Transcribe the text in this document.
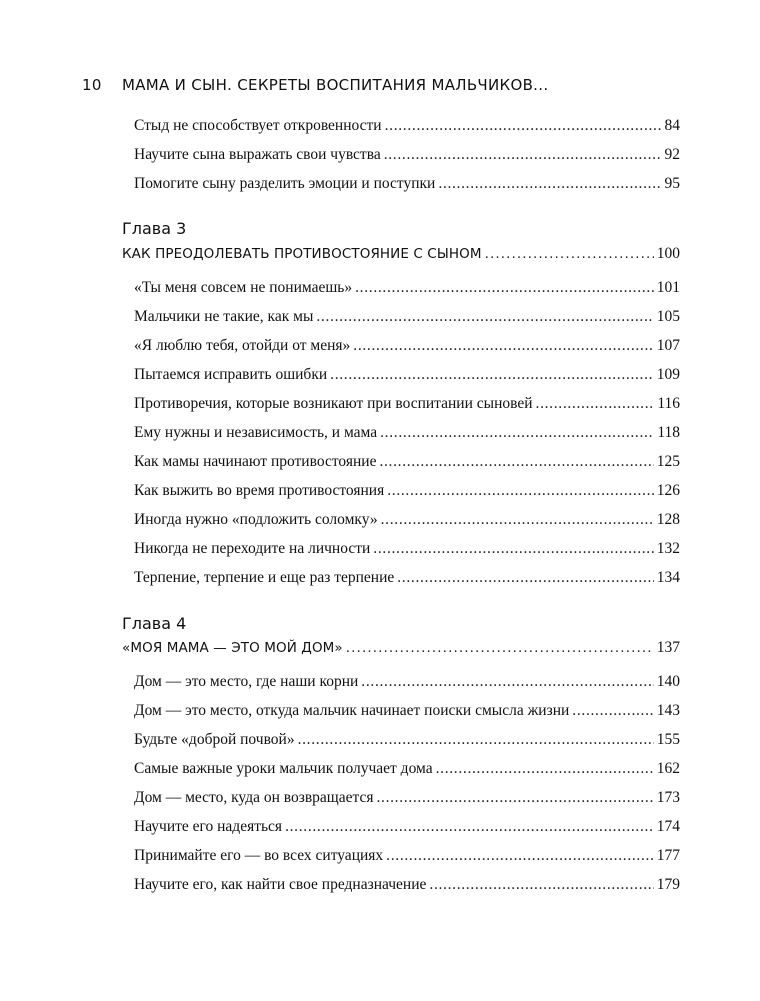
10 МАМА И СЫН. СЕКРЕТЫ ВОСПИТАНИЯ МАЛЬЧИКОВ...
Стыд не способствует откровенности . . .	84
Научите сына выражать свои чувства . . .	92
Помогите сыну разделить эмоции и поступки . . .	95
Глава 3
КАК ПРЕОДОЛЕВАТЬ ПРОТИВОСТОЯНИЕ С СЫНОМ . . .	100
«Ты меня совсем не понимаешь» . . .	101
Мальчики не такие, как мы . . .	105
«Я люблю тебя, отойди от меня» . . .	107
Пытаемся исправить ошибки . . .	109
Противоречия, которые возникают при воспитании сыновей . . .	116
Ему нужны и независимость, и мама . . .	118
Как мамы начинают противостояние . . .	125
Как выжить во время противостояния . . .	126
Иногда нужно «подложить соломку» . . .	128
Никогда не переходите на личности . . .	132
Терпение, терпение и еще раз терпение . . .	134
Глава 4
«МОЯ МАМА — ЭТО МОЙ ДОМ» . . .	137
Дом — это место, где наши корни . . .	140
Дом — это место, откуда мальчик начинает поиски смысла жизни . . .	143
Будьте «доброй почвой» . . .	155
Самые важные уроки мальчик получает дома . . .	162
Дом — место, куда он возвращается . . .	173
Научите его надеяться . . .	174
Принимайте его — во всех ситуациях . . .	177
Научите его, как найти свое предназначение . . .	179
